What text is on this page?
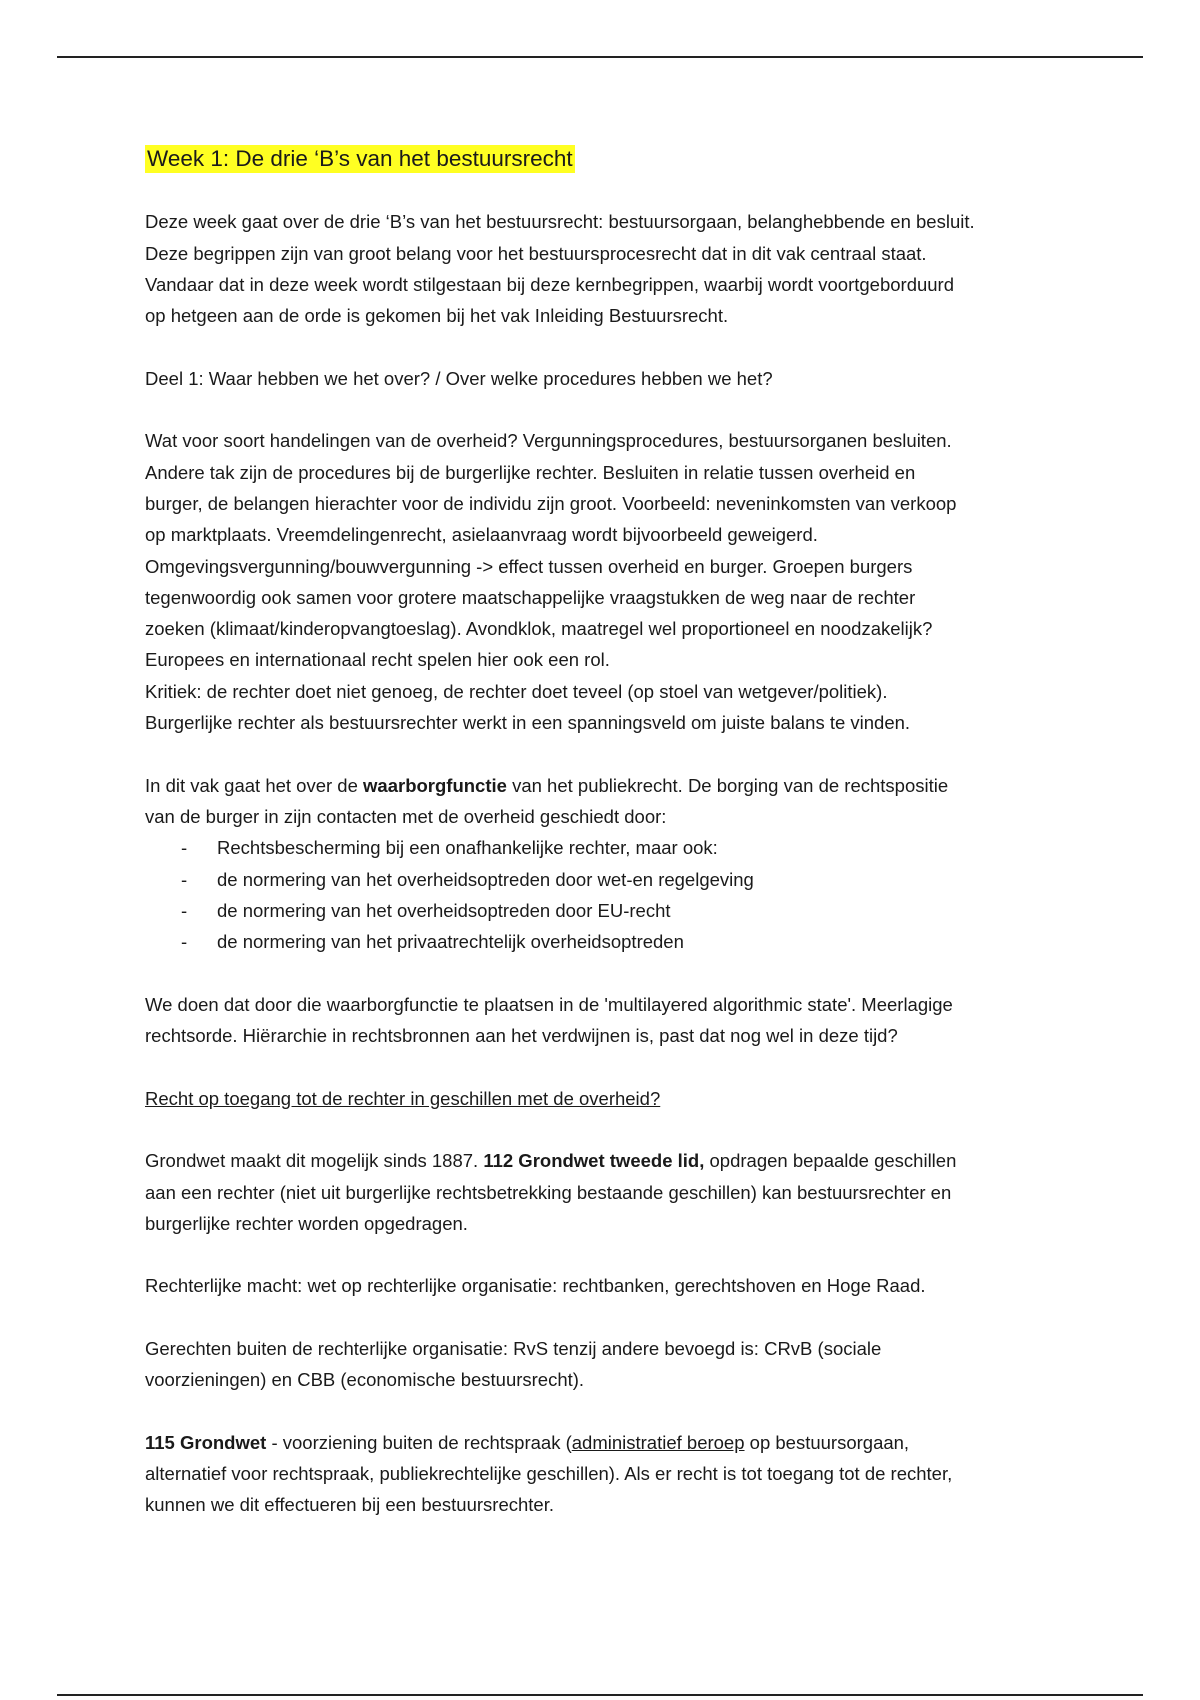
Week 1: De drie ‘B’s van het bestuursrecht

Deze week gaat over de drie ‘B’s van het bestuursrecht: bestuursorgaan, belanghebbende en besluit.
Deze begrippen zijn van groot belang voor het bestuursprocesrecht dat in dit vak centraal staat.
Vandaar dat in deze week wordt stilgestaan bij deze kernbegrippen, waarbij wordt voortgeborduurd
op hetgeen aan de orde is gekomen bij het vak Inleiding Bestuursrecht.

Deel 1: Waar hebben we het over? / Over welke procedures hebben we het?

Wat voor soort handelingen van de overheid? Vergunningsprocedures, bestuursorganen besluiten.
Andere tak zijn de procedures bij de burgerlijke rechter. Besluiten in relatie tussen overheid en
burger, de belangen hierachter voor de individu zijn groot. Voorbeeld: neveninkomsten van verkoop
op marktplaats. Vreemdelingenrecht, asielaanvraag wordt bijvoorbeeld geweigerd.
Omgevingsvergunning/bouwvergunning -> effect tussen overheid en burger. Groepen burgers
tegenwoordig ook samen voor grotere maatschappelijke vraagstukken de weg naar de rechter
zoeken (klimaat/kinderopvangtoeslag). Avondklok, maatregel wel proportioneel en noodzakelijk?
Europees en internationaal recht spelen hier ook een rol.
Kritiek: de rechter doet niet genoeg, de rechter doet teveel (op stoel van wetgever/politiek).
Burgerlijke rechter als bestuursrechter werkt in een spanningsveld om juiste balans te vinden.

In dit vak gaat het over de waarborgfunctie van het publiekrecht. De borging van de rechtspositie
van de burger in zijn contacten met de overheid geschiedt door:

- Rechtsbescherming bij een onafhankelijke rechter, maar ook:
- de normering van het overheidsoptreden door wet-en regelgeving
- de normering van het overheidsoptreden door EU-recht
- de normering van het privaatrechtelijk overheidsoptreden

We doen dat door die waarborgfunctie te plaatsen in de 'multilayered algorithmic state'. Meerlagige
rechtsorde. Hiërarchie in rechtsbronnen aan het verdwijnen is, past dat nog wel in deze tijd?

Recht op toegang tot de rechter in geschillen met de overheid?

Grondwet maakt dit mogelijk sinds 1887. 112 Grondwet tweede lid, opdragen bepaalde geschillen
aan een rechter (niet uit burgerlijke rechtsbetrekking bestaande geschillen) kan bestuursrechter en
burgerlijke rechter worden opgedragen.

Rechterlijke macht: wet op rechterlijke organisatie: rechtbanken, gerechtshoven en Hoge Raad.

Gerechten buiten de rechterlijke organisatie: RvS tenzij andere bevoegd is: CRvB (sociale
voorzieningen) en CBB (economische bestuursrecht).

115 Grondwet - voorziening buiten de rechtspraak (administratief beroep op bestuursorgaan,
alternatief voor rechtspraak, publiekrechtelijke geschillen). Als er recht is tot toegang tot de rechter,
kunnen we dit effectueren bij een bestuursrechter.
